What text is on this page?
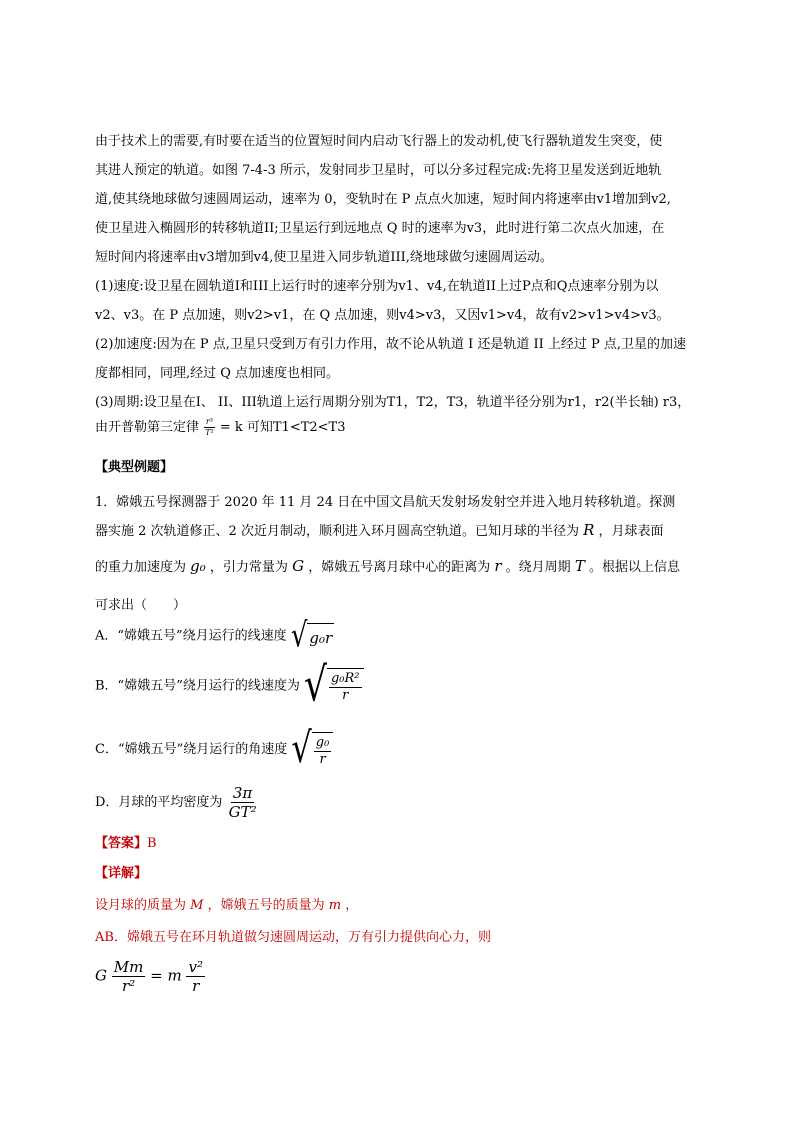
由于技术上的需要,有时要在适当的位置短时间内启动飞行器上的发动机,使飞行器轨道发生突变，使
其进人预定的轨道。如图 7-4-3 所示，发射同步卫星时，可以分多过程完成:先将卫星发送到近地轨
道,使其绕地球做匀速圆周运动，速率为 0，变轨时在 P 点点火加速，短时间内将速率由v1增加到v2,
使卫星进入椭圆形的转移轨道II;卫星运行到远地点 Q 时的速率为v3，此时进行第二次点火加速，在
短时间内将速率由v3增加到v4,使卫星进入同步轨道III,绕地球做匀速圆周运动。
(1)速度:设卫星在圆轨道I和III上运行时的速率分别为v1、v4,在轨道II上过P点和Q点速率分别为以
v2、v3。在 P 点加速，则v2>v1，在 Q 点加速，则v4>v3，又因v1>v4，故有v2>v1>v4>v3。
(2)加速度:因为在 P 点,卫星只受到万有引力作用，故不论从轨道 I 还是轨道 II 上经过 P 点,卫星的加速
度都相同，同理,经过 Q 点加速度也相同。
(3)周期:设卫星在I、 II、III轨道上运行周期分别为T1，T2，T3，轨道半径分别为r1，r2(半长轴) r3，
由开普勒第三定律 $\frac{\text{r³}}{\text{T²}} = k$ 可知T1<T2<T3
【典型例题】
1．嫦娥五号探测器于 2020 年 11 月 24 日在中国文昌航天发射场发射空并进入地月转移轨道。探测
器实施 2 次轨道修正、2 次近月制动，顺利进入环月圆高空轨道。已知月球的半径为 R ，月球表面
的重力加速度为 g₀ ，引力常量为 G ，嫦娥五号离月球中心的距离为 r 。绕月周期 T 。根据以上信息
可求出（　　）
A．“嫦娥五号”绕月运行的线速度 √ g₀r
B．“嫦娥五号”绕月运行的线速度为 √ $\frac{\text{g₀R²}}{r}$
C．“嫦娥五号”绕月运行的角速度 √ $\frac{\text{g₀}}{r}$
D．月球的平均密度为 $\frac{3\pi}{\text{GT²}}$
【答案】B
【详解】
设月球的质量为 M ，嫦娥五号的质量为 m ，
AB．嫦娥五号在环月轨道做匀速圆周运动，万有引力提供向心力，则
G $\frac{Mm}{\text{r²}} = m \frac{\text{v²}}{r}$
